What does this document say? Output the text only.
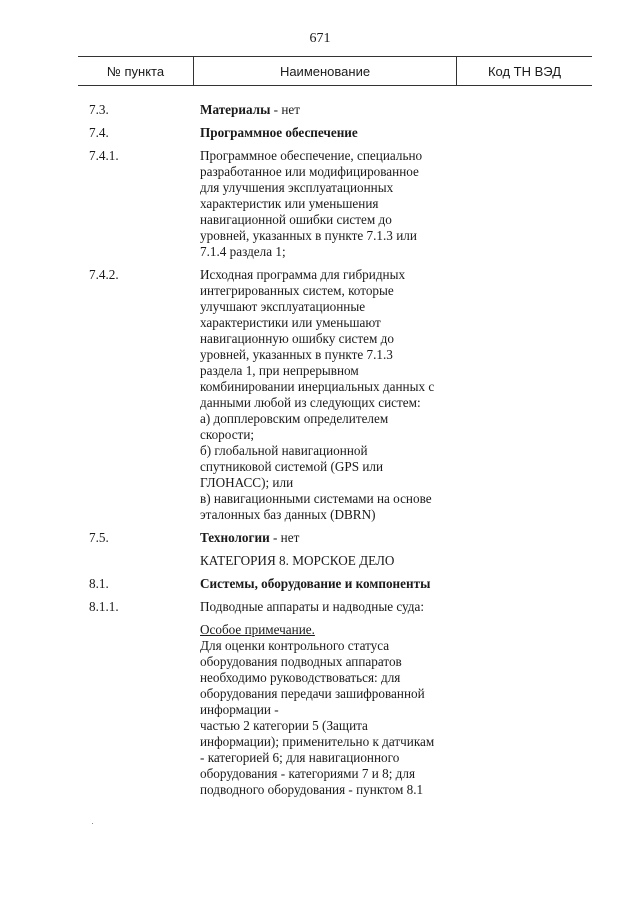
671
№ пункта	Наименование	Код ТН ВЭД
7.3.	Материалы - нет
7.4.	Программное обеспечение
7.4.1.	Программное обеспечение, специально

разработанное или модифицированное

для улучшения эксплуатационных

характеристик или уменьшения

навигационной ошибки систем до

уровней, указанных в пункте 7.1.3 или

7.1.4 раздела 1;

7.4.2.	Исходная программа для гибридных

интегрированных систем, которые

улучшают эксплуатационные

характеристики или уменьшают

навигационную ошибку систем до

уровней, указанных в пункте 7.1.3

раздела 1, при непрерывном

комбинировании инерциальных данных с

данными любой из следующих систем:

а) допплеровским определителем

скорости;

б) глобальной навигационной

спутниковой системой (GPS или

ГЛОНАСС); или

в) навигационными системами на основе

эталонных баз данных (DBRN)

7.5.	Технологии - нет
КАТЕГОРИЯ 8. МОРСКОЕ ДЕЛО
8.1.	Системы, оборудование и компоненты
8.1.1.	Подводные аппараты и надводные суда:

Особое примечание.

Для оценки контрольного статуса

оборудования подводных аппаратов

необходимо руководствоваться: для

оборудования передачи зашифрованной

информации -

частью 2 категории 5 (Защита

информации); применительно к датчикам

- категорией 6; для навигационного

оборудования - категориями 7 и 8; для

подводного оборудования - пунктом 8.1
